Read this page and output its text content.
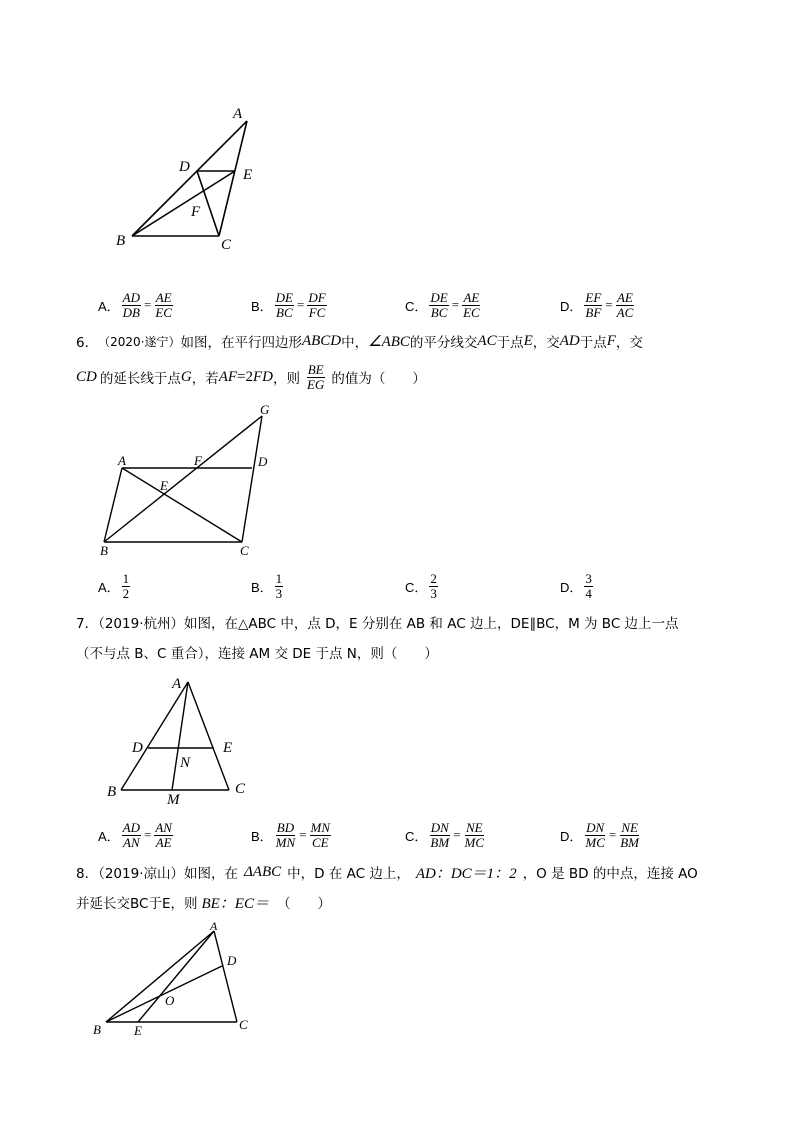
A
D	E
F
B	C
A． $\frac{AD}{DB} = \frac{AE}{EC}$	B． $\frac{DE}{BC} = \frac{DF}{FC}$	C． $\frac{DE}{BC} = \frac{AE}{EC}$	D． $\frac{EF}{BF} = \frac{AE}{AC}$
6． （2020·遂宁） 如图，在平行四边形 ABCD 中， ∠ABC 的平分线交 AC 于点 E ，交 AD 于点 F ，交
CD 的延长线于点 G ，若 AF = 2 FD ，则 $\frac{BE}{EG}$ 的值为（　　）
G
A	F	D
E
B	C
A． $\frac{1}{2}$	B． $\frac{1}{3}$	C． $\frac{2}{3}$	D． $\frac{3}{4}$
7．（2019·杭州）如图，在△ABC 中，点 D，E 分别在 AB 和 AC 边上，DE∥BC，M 为 BC 边上一点
（不与点 B、C 重合），连接 AM 交 DE 于点 N，则（　　）
A
D	E
N
B	C
M
A． $\frac{AD}{AN} = \frac{AN}{AE}$	B． $\frac{BD}{MN} = \frac{MN}{CE}$	C． $\frac{DN}{BM} = \frac{NE}{MC}$	D． $\frac{DN}{MC} = \frac{NE}{BM}$
8．（2019·凉山）如图，在 ΔABC 中，D 在 AC 边上， AD：DC＝1：2 ，O 是 BD 的中点，连接 AO
并延长交BC于E，则 BE：EC＝ （　　）
A
D
O
B	E	C
